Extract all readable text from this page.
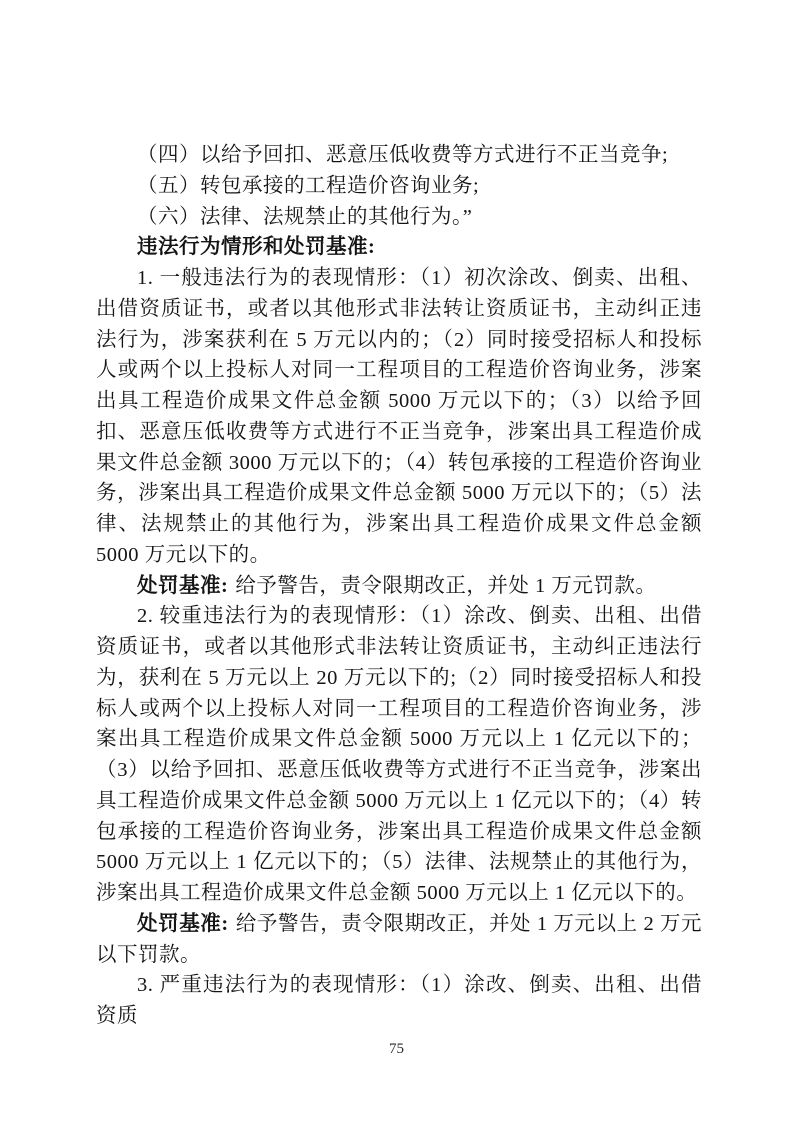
（四）以给予回扣、恶意压低收费等方式进行不正当竞争;

（五）转包承接的工程造价咨询业务;

（六）法律、法规禁止的其他行为。”

违法行为情形和处罚基准:

1. 一般违法行为的表现情形：（1）初次涂改、倒卖、出租、出借资质证书，或者以其他形式非法转让资质证书，主动纠正违法行为，涉案获利在 5 万元以内的；（2）同时接受招标人和投标人或两个以上投标人对同一工程项目的工程造价咨询业务，涉案出具工程造价成果文件总金额 5000 万元以下的；（3）以给予回扣、恶意压低收费等方式进行不正当竞争，涉案出具工程造价成果文件总金额 3000 万元以下的；（4）转包承接的工程造价咨询业务，涉案出具工程造价成果文件总金额 5000 万元以下的；（5）法律、法规禁止的其他行为，涉案出具工程造价成果文件总金额 5000 万元以下的。

处罚基准: 给予警告，责令限期改正，并处 1 万元罚款。

2. 较重违法行为的表现情形：（1）涂改、倒卖、出租、出借资质证书，或者以其他形式非法转让资质证书，主动纠正违法行为，获利在 5 万元以上 20 万元以下的;（2）同时接受招标人和投标人或两个以上投标人对同一工程项目的工程造价咨询业务，涉案出具工程造价成果文件总金额 5000 万元以上 1 亿元以下的；（3）以给予回扣、恶意压低收费等方式进行不正当竞争，涉案出具工程造价成果文件总金额 5000 万元以上 1 亿元以下的；（4）转包承接的工程造价咨询业务，涉案出具工程造价成果文件总金额 5000 万元以上 1 亿元以下的；（5）法律、法规禁止的其他行为，涉案出具工程造价成果文件总金额 5000 万元以上 1 亿元以下的。

处罚基准: 给予警告，责令限期改正，并处 1 万元以上 2 万元以下罚款。

3. 严重违法行为的表现情形：（1）涂改、倒卖、出租、出借资质

75
